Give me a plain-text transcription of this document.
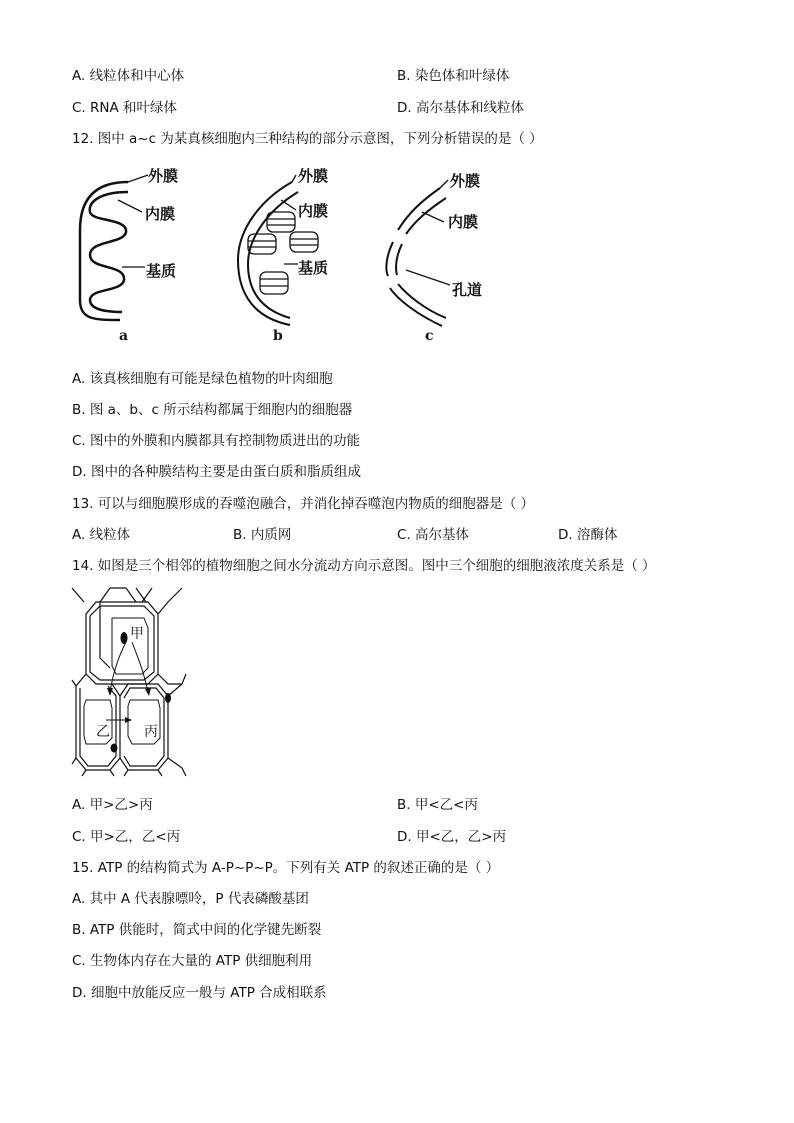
A. 线粒体和中心体	B. 染色体和叶绿体
C. RNA 和叶绿体	D. 高尔基体和线粒体
12. 图中 a~c 为某真核细胞内三种结构的部分示意图，下列分析错误的是（ ）
外膜
内膜
基质
a
外膜
内膜
基质
b
外膜
内膜
孔道
c
A. 该真核细胞有可能是绿色植物的叶肉细胞
B. 图 a、b、c 所示结构都属于细胞内的细胞器
C. 图中的外膜和内膜都具有控制物质进出的功能
D. 图中的各种膜结构主要是由蛋白质和脂质组成
13. 可以与细胞膜形成的吞噬泡融合，并消化掉吞噬泡内物质的细胞器是（ ）
A. 线粒体	B. 内质网	C. 高尔基体	D. 溶酶体
14. 如图是三个相邻的植物细胞之间水分流动方向示意图。图中三个细胞的细胞液浓度关系是（ ）
甲
乙 丙
A. 甲>乙>丙	B. 甲<乙<丙
C. 甲>乙，乙<丙	D. 甲<乙，乙>丙
15. ATP 的结构简式为 A-P~P~P。下列有关 ATP 的叙述正确的是（ ）
A. 其中 A 代表腺嘌呤，P 代表磷酸基团
B. ATP 供能时，简式中间的化学键先断裂
C. 生物体内存在大量的 ATP 供细胞利用
D. 细胞中放能反应一般与 ATP 合成相联系
